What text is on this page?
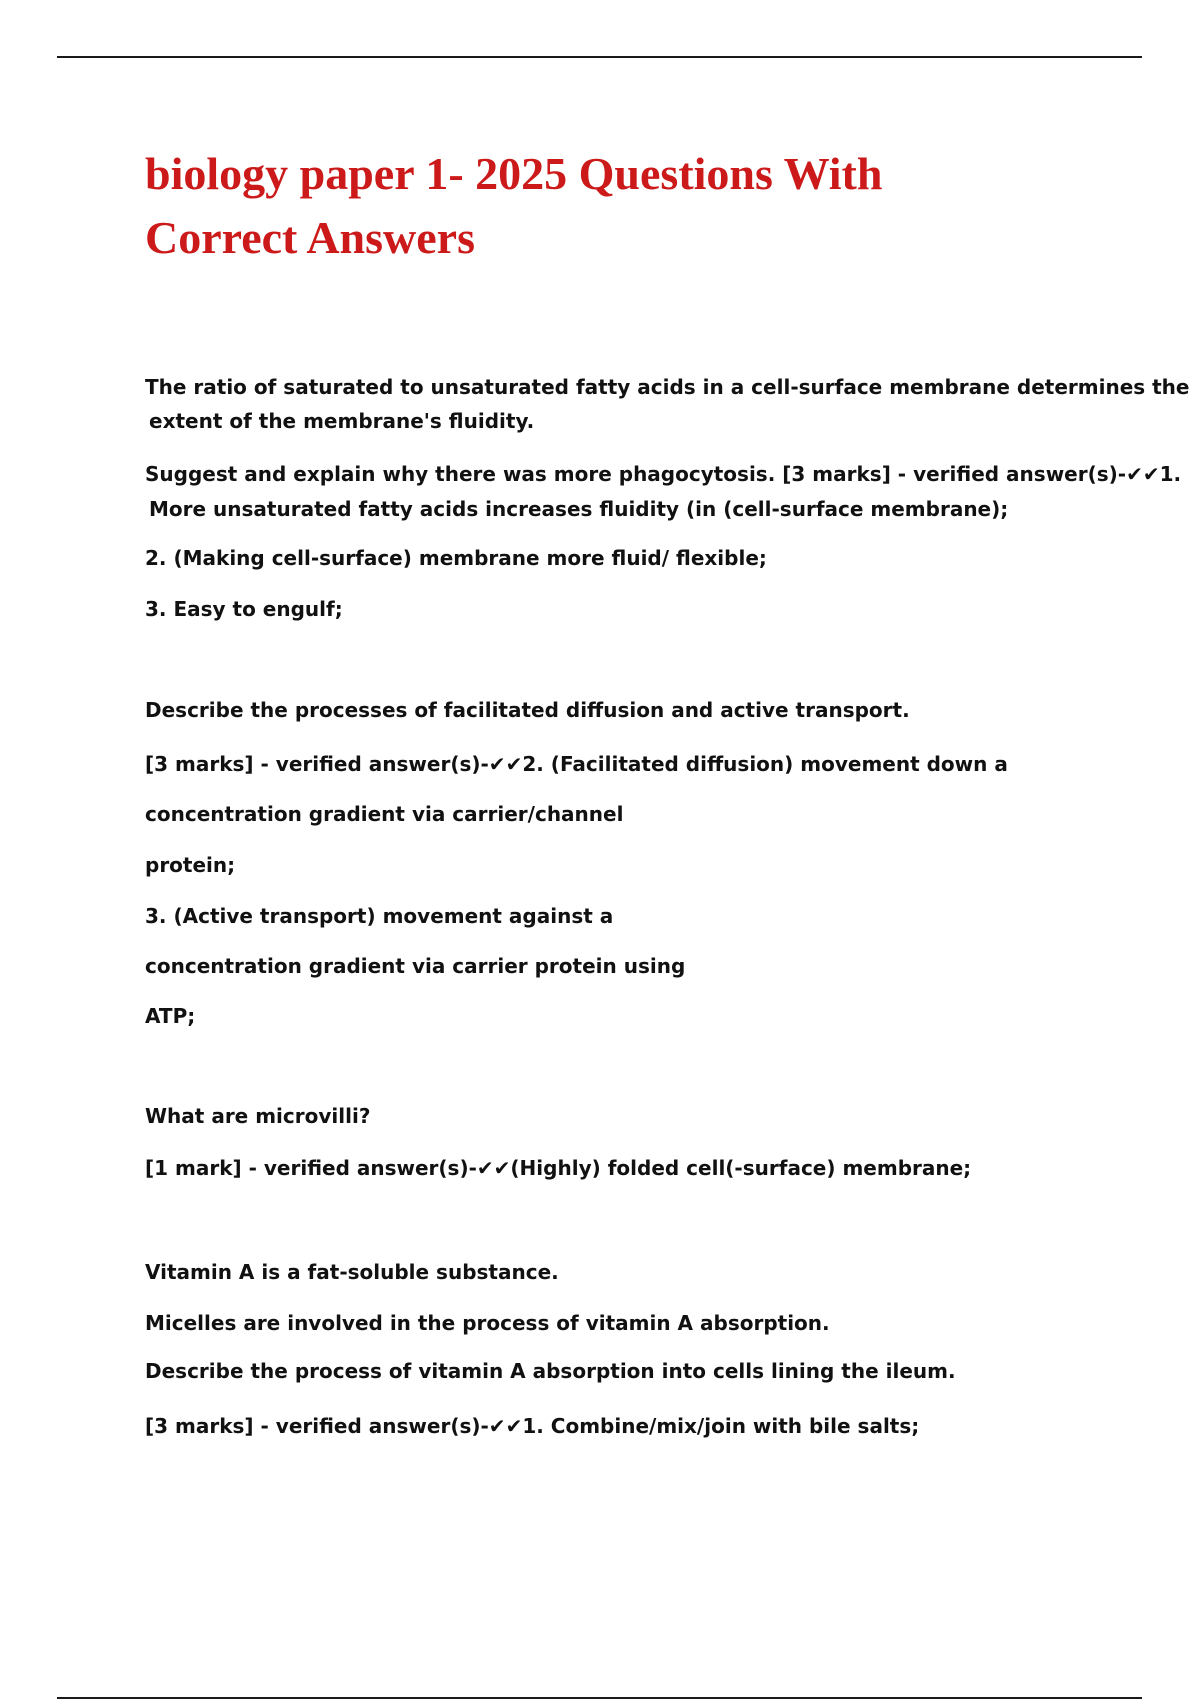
biology paper 1- 2025 Questions With
Correct Answers

The ratio of saturated to unsaturated fatty acids in a cell-surface membrane determines the

extent of the membrane's fluidity.

Suggest and explain why there was more phagocytosis. [3 marks] - verified answer(s)-✔✔1.

More unsaturated fatty acids increases fluidity (in (cell-surface membrane);

2. (Making cell-surface) membrane more fluid/ flexible;

3. Easy to engulf;

Describe the processes of facilitated diffusion and active transport.

[3 marks] - verified answer(s)-✔✔2. (Facilitated diffusion) movement down a

concentration gradient via carrier/channel

protein;

3. (Active transport) movement against a

concentration gradient via carrier protein using

ATP;

What are microvilli?

[1 mark] - verified answer(s)-✔✔(Highly) folded cell(-surface) membrane;

Vitamin A is a fat-soluble substance.

Micelles are involved in the process of vitamin A absorption.

Describe the process of vitamin A absorption into cells lining the ileum.

[3 marks] - verified answer(s)-✔✔1. Combine/mix/join with bile salts;
